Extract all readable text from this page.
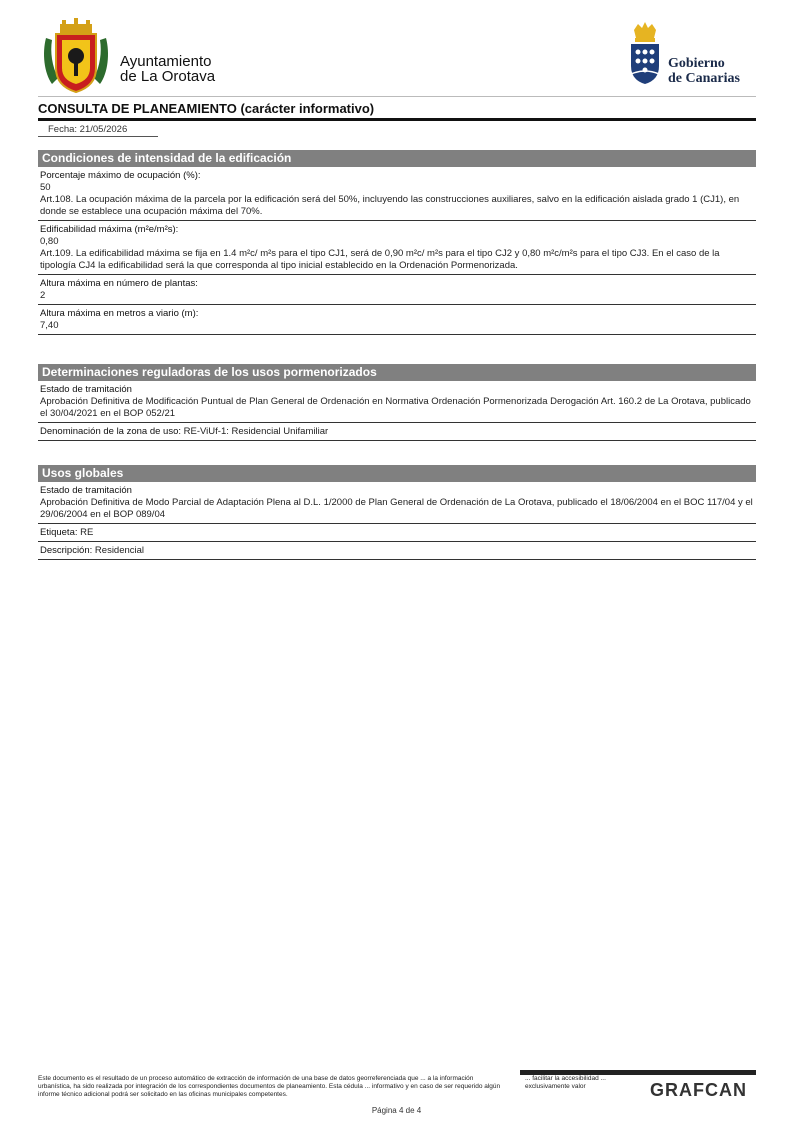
Ayuntamiento
de La Orotava
Gobierno
de Canarias
CONSULTA DE PLANEAMIENTO (carácter informativo)
Fecha: 21/05/2026
Condiciones de intensidad de la edificación
Porcentaje máximo de ocupación (%):
50
Art.108. La ocupación máxima de la parcela por la edificación será del 50%, incluyendo las construcciones auxiliares, salvo en la edificación aislada grado 1 (CJ1), en donde se establece una ocupación máxima del 70%.
Edificabilidad máxima (m²e/m²s):
0,80
Art.109. La edificabilidad máxima se fija en 1.4 m²c/ m²s para el tipo CJ1, será de 0,90 m²c/ m²s para el tipo CJ2 y 0,80 m²c/m²s para el tipo CJ3. En el caso de la tipología CJ4 la edificabilidad será la que corresponda al tipo inicial establecido en la Ordenación Pormenorizada.
Altura máxima en número de plantas:
2
Altura máxima en metros a viario (m):
7,40
Determinaciones reguladoras de los usos pormenorizados
Estado de tramitación
Aprobación Definitiva de Modificación Puntual de Plan General de Ordenación en Normativa Ordenación Pormenorizada Derogación Art. 160.2 de La Orotava, publicado el 30/04/2021 en el BOP 052/21
Denominación de la zona de uso: RE-ViUf-1: Residencial Unifamiliar
Usos globales
Estado de tramitación
Aprobación Definitiva de Modo Parcial de Adaptación Plena al D.L. 1/2000 de Plan General de Ordenación de La Orotava, publicado el 18/06/2004 en el BOC 117/04 y el 29/06/2004 en el BOP 089/04
Etiqueta: RE
Descripción: Residencial
Este documento es el resultado de un proceso automático de extracción de información de una base de datos georreferenciada que ... a la información urbanística, ha sido realizada por integración de los correspondientes documentos de planeamiento. Esta cédula ... informativo y en caso de ser requerido algún informe técnico adicional podrá ser solicitado en las oficinas municipales competentes.
... facilitar la accesibilidad ... exclusivamente valor	GRAFCAN
Página 4 de 4
